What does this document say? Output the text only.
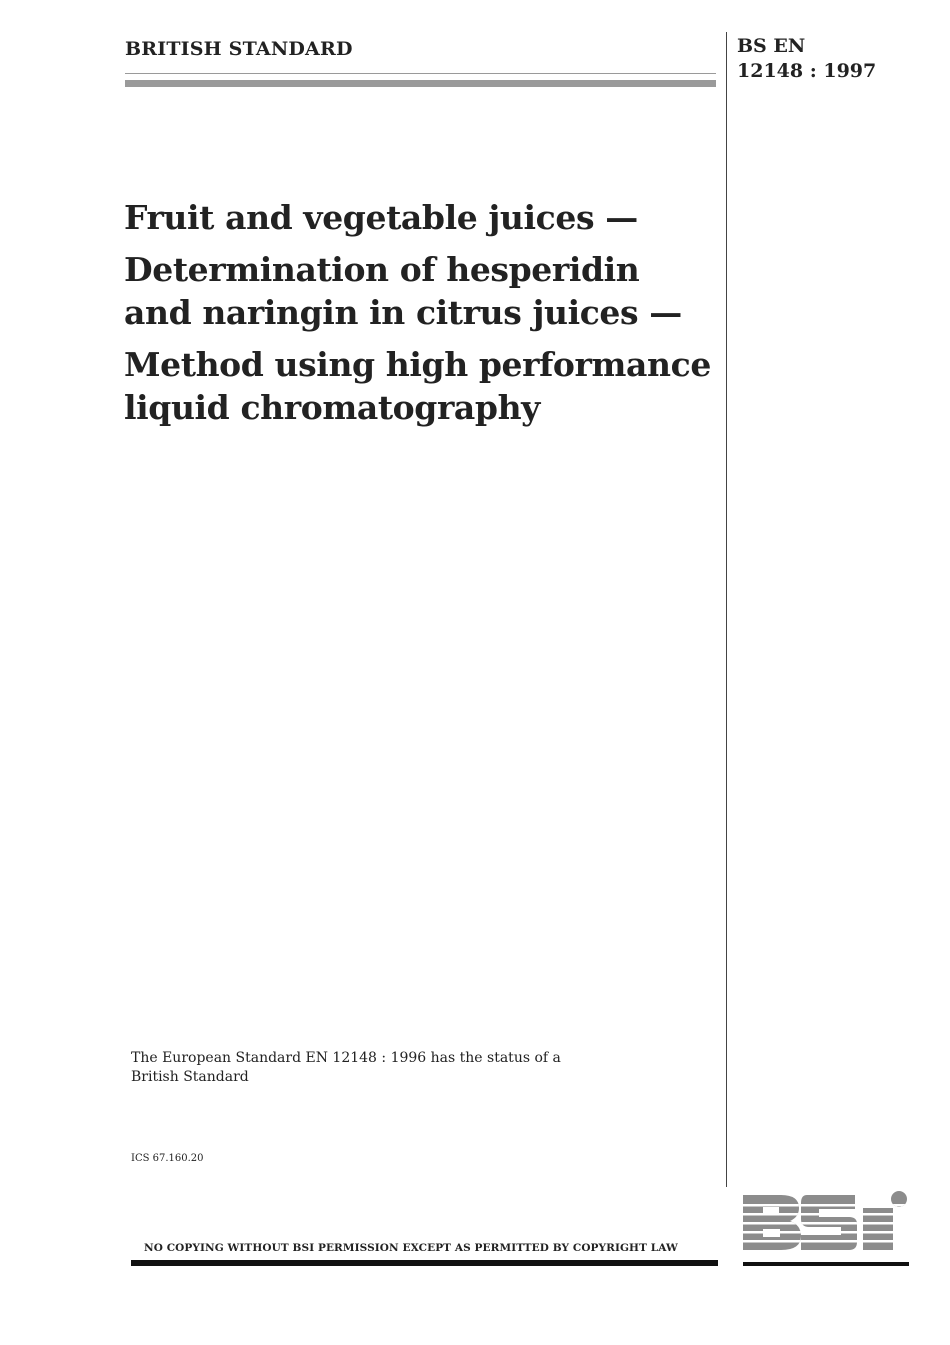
BRITISH STANDARD	BS EN
12148 : 1997
Fruit and vegetable juices —
Determination of hesperidin
and naringin in citrus juices —
Method using high performance
liquid chromatography
The European Standard EN 12148 : 1996 has the status of a
British Standard
ICS 67.160.20
NO COPYING WITHOUT BSI PERMISSION EXCEPT AS PERMITTED BY COPYRIGHT LAW
